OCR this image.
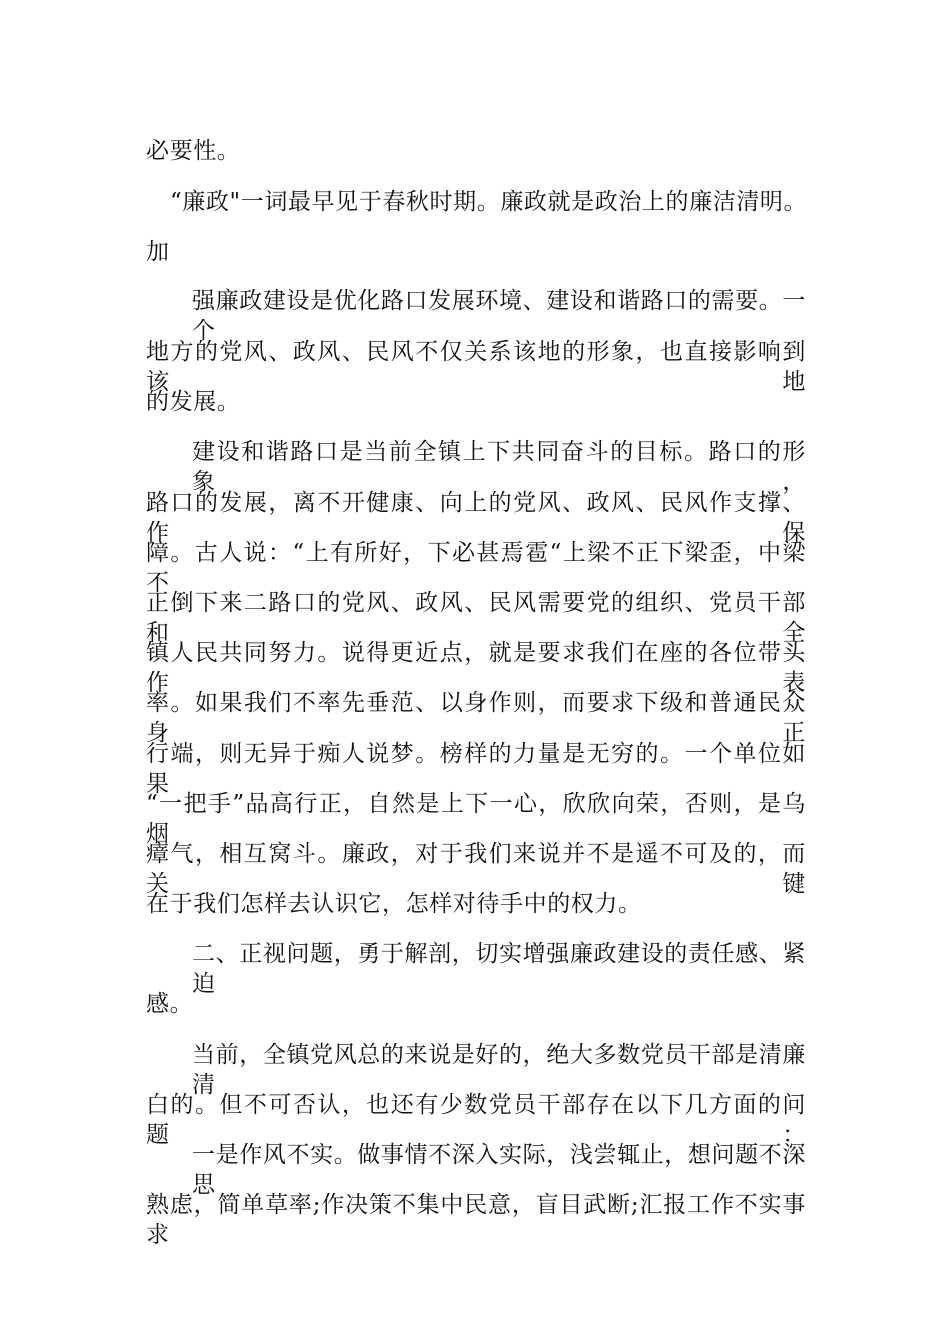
必要性。

“廉政"一词最早见于春秋时期。廉政就是政治上的廉洁清明。

加

强廉政建设是优化路口发展环境、建设和谐路口的需要。一个

地方的党风、政风、民风不仅关系该地的形象，也直接影响到该地

的发展。

建设和谐路口是当前全镇上下共同奋斗的目标。路口的形象，

路口的发展，离不开健康、向上的党风、政风、民风作支撑、作保

障。古人说：“上有所好，下必甚焉雹“上梁不正下梁歪，中梁不

正倒下来二路口的党风、政风、民风需要党的组织、党员干部和全

镇人民共同努力。说得更近点，就是要求我们在座的各位带头作表

率。如果我们不率先垂范、以身作则，而要求下级和普通民众身正

行端，则无异于痴人说梦。榜样的力量是无穷的。一个单位如果

“一把手”品高行正，自然是上下一心，欣欣向荣，否则，是乌烟

瘴气，相互窝斗。廉政，对于我们来说并不是遥不可及的，而关键

在于我们怎样去认识它，怎样对待手中的权力。

二、正视问题，勇于解剖，切实增强廉政建设的责任感、紧迫

感。

当前，全镇党风总的来说是好的，绝大多数党员干部是清廉清

白的。但不可否认，也还有少数党员干部存在以下几方面的问题：

一是作风不实。做事情不深入实际，浅尝辄止，想问题不深思

熟虑，简单草率;作决策不集中民意，盲目武断;汇报工作不实事求
